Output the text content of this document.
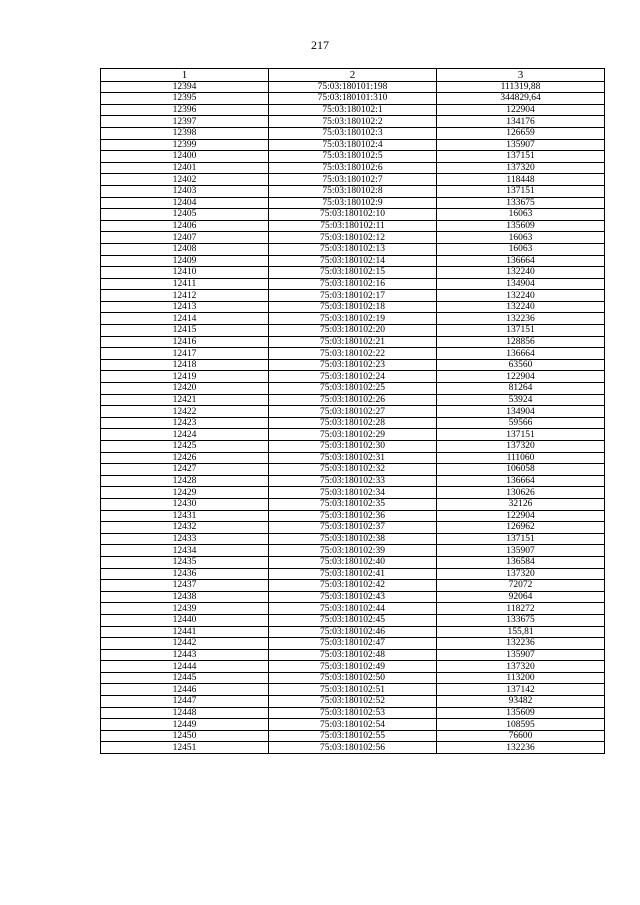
217
1	2	3
12394	75:03:180101:198	111319,88
12395	75:03:180101:310	344829,64
12396	75:03:180102:1	122904
12397	75:03:180102:2	134176
12398	75:03:180102:3	126659
12399	75:03:180102:4	135907
12400	75:03:180102:5	137151
12401	75:03:180102:6	137320
12402	75:03:180102:7	118448
12403	75:03:180102:8	137151
12404	75:03:180102:9	133675
12405	75:03:180102:10	16063
12406	75:03:180102:11	135609
12407	75:03:180102:12	16063
12408	75:03:180102:13	16063
12409	75:03:180102:14	136664
12410	75:03:180102:15	132240
12411	75:03:180102:16	134904
12412	75:03:180102:17	132240
12413	75:03:180102:18	132240
12414	75:03:180102:19	132236
12415	75:03:180102:20	137151
12416	75:03:180102:21	128856
12417	75:03:180102:22	136664
12418	75:03:180102:23	63560
12419	75:03:180102:24	122904
12420	75:03:180102:25	81264
12421	75:03:180102:26	53924
12422	75:03:180102:27	134904
12423	75:03:180102:28	59566
12424	75:03:180102:29	137151
12425	75:03:180102:30	137320
12426	75:03:180102:31	111060
12427	75:03:180102:32	106058
12428	75:03:180102:33	136664
12429	75:03:180102:34	130626
12430	75:03:180102:35	32126
12431	75:03:180102:36	122904
12432	75:03:180102:37	126962
12433	75:03:180102:38	137151
12434	75:03:180102:39	135907
12435	75:03:180102:40	136584
12436	75:03:180102:41	137320
12437	75:03:180102:42	72072
12438	75:03:180102:43	92064
12439	75:03:180102:44	118272
12440	75:03:180102:45	133675
12441	75:03:180102:46	155,81
12442	75:03:180102:47	132236
12443	75:03:180102:48	135907
12444	75:03:180102:49	137320
12445	75:03:180102:50	113200
12446	75:03:180102:51	137142
12447	75:03:180102:52	93482
12448	75:03:180102:53	135609
12449	75:03:180102:54	108595
12450	75:03:180102:55	76600
12451	75:03:180102:56	132236
